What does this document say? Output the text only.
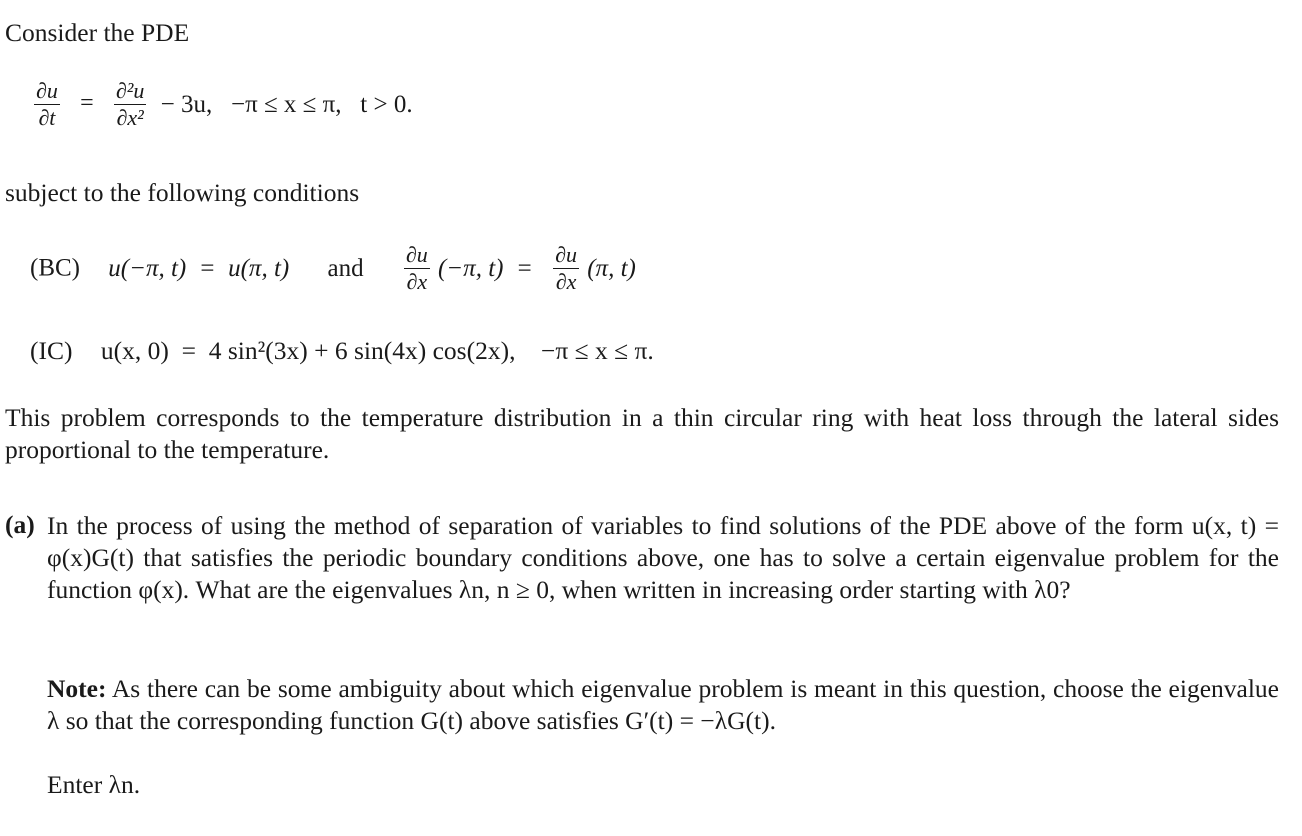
Consider the PDE
$\frac{\partial u}{\partial t} = \frac{\text{∂²u}}{\text{∂x²}} - 3u$,   −π ≤ x ≤ π,   t > 0.
subject to the following conditions
(BC) u(−π, t)  =  u(π, t) and $\frac{\partial u}{\partial x} (-\pi$, $t) = \frac{\partial u}{\partial x} (\pi$, t)
(IC) u(x, 0)  =  4 sin²(3x) + 6 sin(4x) cos(2x),    −π ≤ x ≤ π.
This problem corresponds to the temperature distribution in a thin circular ring with heat loss through the lateral sides proportional to the temperature.
(a) In the process of using the method of separation of variables to find solutions of the PDE above of the form u(x, t) = φ(x)G(t) that satisfies the periodic boundary conditions above, one has to solve a certain eigenvalue problem for the function φ(x). What are the eigenvalues λn, n ≥ 0, when written in increasing order starting with λ0?
Note: As there can be some ambiguity about which eigenvalue problem is meant in this question, choose the eigenvalue λ so that the corresponding function G(t) above satisfies G′(t) = −λG(t).
Enter λn.
